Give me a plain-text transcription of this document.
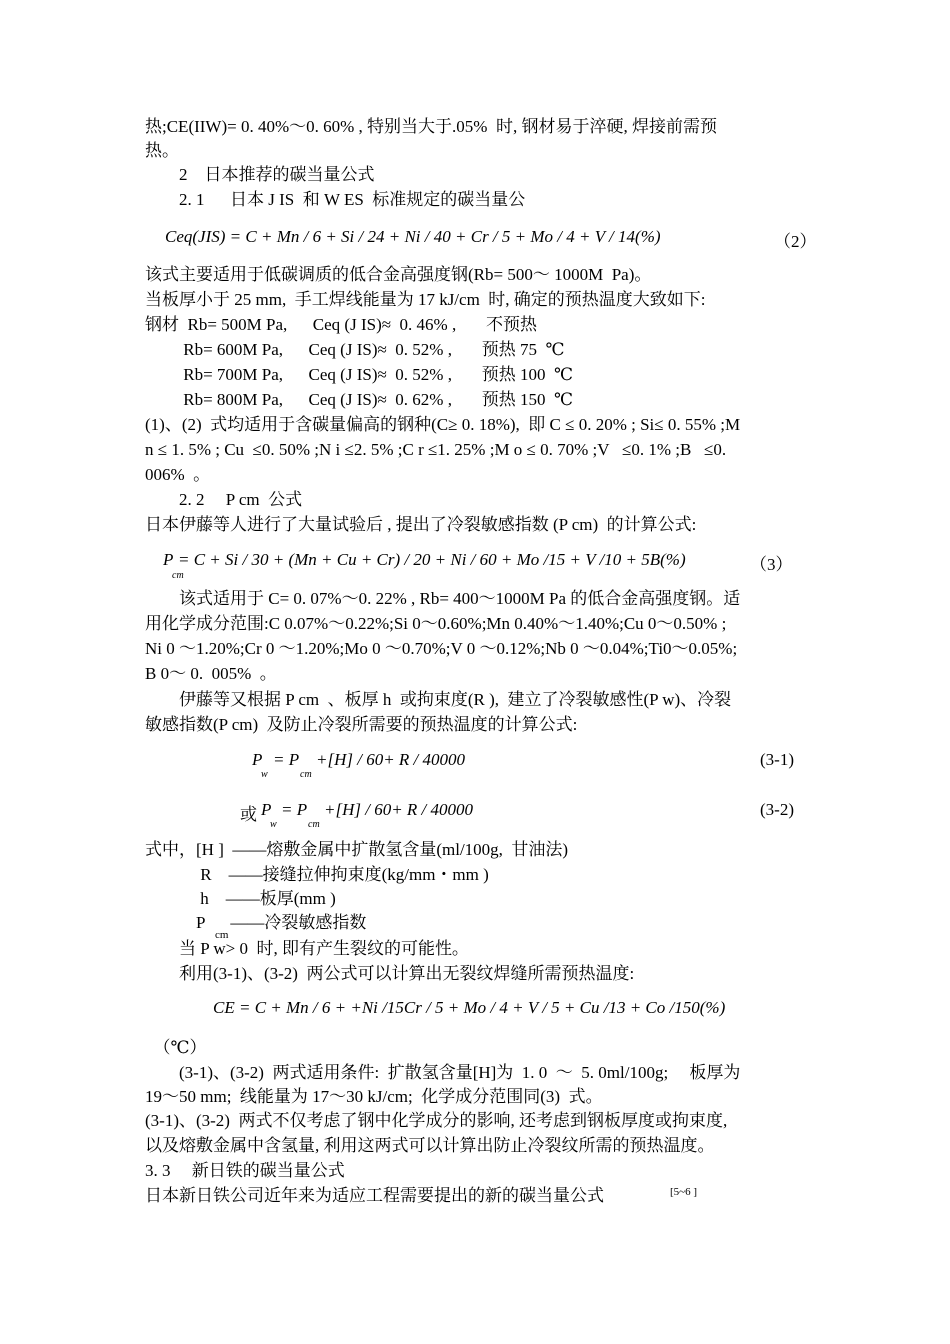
热;CE(IIW)= 0. 40%～0. 60% , 特别当大于.05%  时, 钢材易于淬硬, 焊接前需预
热。
2    日本推荐的碳当量公式
2. 1      日本 J IS  和 W ES  标准规定的碳当量公
Ceq(JIS) = C + Mn / 6 + Si / 24 + Ni / 40 + Cr / 5 + Mo / 4 + V / 14(%)	（2）
该式主要适用于低碳调质的低合金高强度钢(Rb= 500～ 1000M  Pa)。
当板厚小于 25 mm,  手工焊线能量为 17 kJ/cm  时, 确定的预热温度大致如下:
钢材  Rb= 500M Pa,      Ceq (J IS)≈  0. 46% ,       不预热
Rb= 600M Pa,      Ceq (J IS)≈  0. 52% ,       预热 75  ℃
Rb= 700M Pa,      Ceq (J IS)≈  0. 52% ,       预热 100  ℃
Rb= 800M Pa,      Ceq (J IS)≈  0. 62% ,       预热 150  ℃
(1)、(2)  式均适用于含碳量偏高的钢种(C≥ 0. 18%),  即 C ≤ 0. 20% ; Si≤ 0. 55% ;M
n ≤ 1. 5% ; Cu  ≤0. 50% ;N i ≤2. 5% ;C r ≤1. 25% ;M o ≤ 0. 70% ;V   ≤0. 1% ;B   ≤0.
006%  。
2. 2     P cm  公式
日本伊藤等人进行了大量试验后 , 提出了冷裂敏感指数 (P cm)  的计算公式:
P
cm
= C + Si / 30 + (Mn + Cu + Cr) / 20 + Ni / 60 + Mo /15 + V /10 + 5B(%)	（3）
该式适用于 C= 0. 07%～0. 22% , Rb= 400～1000M Pa 的低合金高强度钢。适
用化学成分范围:C 0.07%～0.22%;Si 0～0.60%;Mn 0.40%～1.40%;Cu 0～0.50% ;
Ni 0 ～1.20%;Cr 0 ～1.20%;Mo 0 ～0.70%;V 0 ～0.12%;Nb 0 ～0.04%;Ti0～0.05%;
B 0～ 0.  005%  。
伊藤等又根据 P cm  、板厚 h  或拘束度(R ),  建立了冷裂敏感性(P w)、冷裂
敏感指数(P cm)  及防止冷裂所需要的预热温度的计算公式:
P
w
= P
cm
+[H] / 60+ R / 40000	(3-1)
或 P
w
= P
cm
+[H] / 60+ R / 40000	(3-2)
式中，[H ]  ——熔敷金属中扩散氢含量(ml/100g,  甘油法)
R    ——接缝拉伸拘束度(kg/mm・mm )
h    ——板厚(mm )
P      ——冷裂敏感指数
cm
当 P w> 0  时, 即有产生裂纹的可能性。
利用(3-1)、(3-2)  两公式可以计算出无裂纹焊缝所需预热温度:
CE = C + Mn / 6 + +Ni /15Cr / 5 + Mo / 4 + V / 5 + Cu /13 + Co /150(%)
（℃）
(3-1)、(3-2)  两式适用条件:  扩散氢含量[H]为  1. 0  ～  5. 0ml/100g;     板厚为
19～50 mm;  线能量为 17～30 kJ/cm;  化学成分范围同(3)  式。
(3-1)、(3-2)  两式不仅考虑了钢中化学成分的影响, 还考虑到钢板厚度或拘束度,
以及熔敷金属中含氢量, 利用这两式可以计算出防止冷裂纹所需的预热温度。
3. 3     新日铁的碳当量公式
日本新日铁公司近年来为适应工程需要提出的新的碳当量公式	[5~6 ]
